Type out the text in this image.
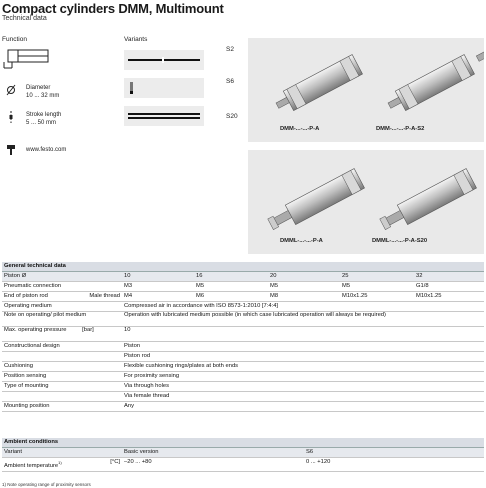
Compact cylinders DMM, Multimount
Technical data
Function
Diameter
10 ... 32 mm
Stroke length
5 ... 50 mm
www.festo.com
Variants
S2
S6
S20
DMM-...-...-P-A	DMM-...-...-P-A-S2
DMML-...-...-P-A	DMML-...-...-P-A-S20
General technical data					
Piston Ø	10	16	20	25	32
Pneumatic connection	M3	M5	M5	M5	G1/8
End of piston rod Male thread	M4	M6	M8	M10x1.25	M10x1.25
Operating medium	Compressed air in accordance with ISO 8573-1:2010 [7:4:4]				
Note on operating/ pilot medium	Operation with lubricated medium possible (in which case lubricated operation will always be required)				
Max. operating pressure [bar]	10				
Constructional design	Piston				
	Piston rod				
Cushioning	Flexible cushioning rings/plates at both ends				
Position sensing	For proximity sensing				
Type of mounting	Via through holes				
	Via female thread				
Mounting position	Any				
Ambient conditions		
Variant	Basic version	S6
Ambient temperature$^{1)}$ [°C]	–20 ... +80	0 ... +120
1) Note operating range of proximity sensors
